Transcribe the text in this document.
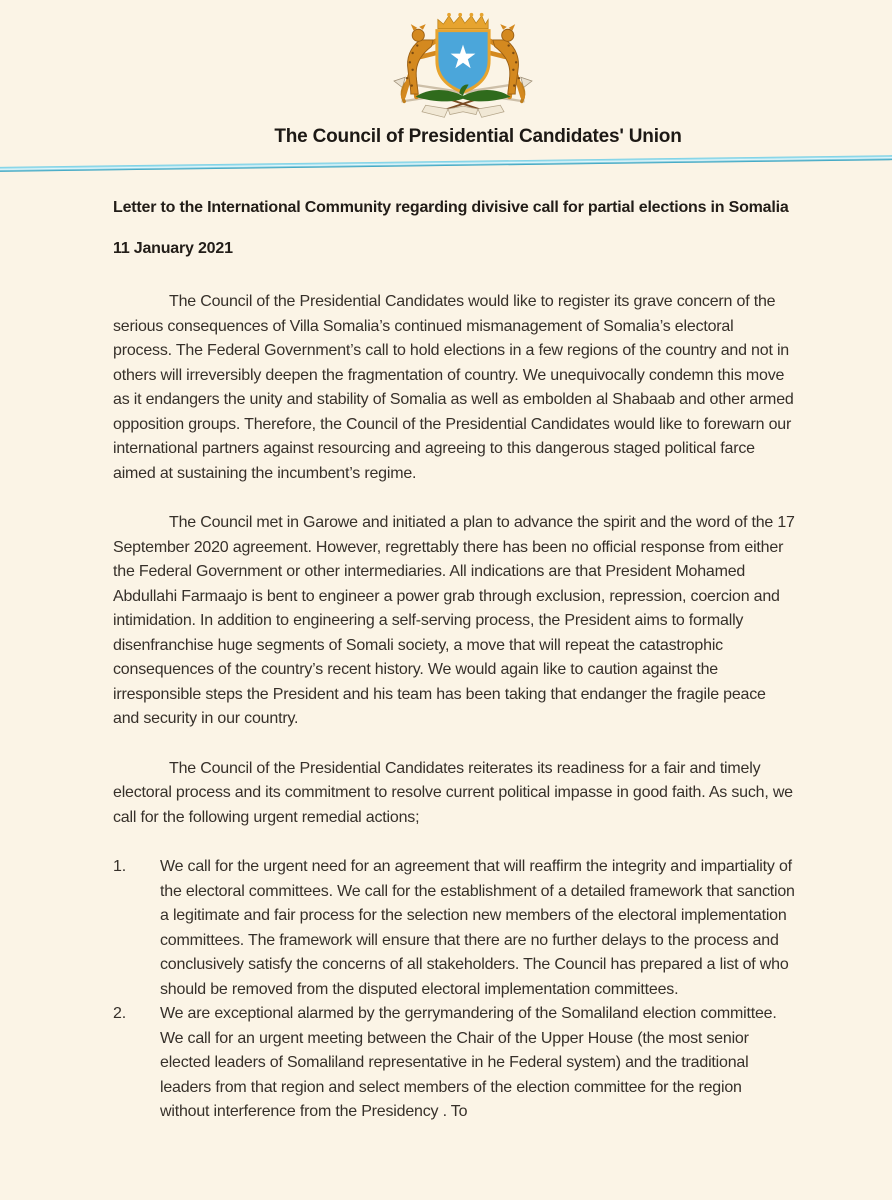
The Council of Presidential Candidates' Union

Letter to the International Community regarding divisive call for partial elections in Somalia

11 January 2021

The Council of the Presidential Candidates would like to register its grave concern of the serious consequences of Villa Somalia’s continued mismanagement of Somalia’s electoral process. The Federal Government’s call to hold elections in a few regions of the country and not in others will irreversibly deepen the fragmentation of country. We unequivocally condemn this move as it endangers the unity and stability of Somalia as well as embolden al Shabaab and other armed opposition groups. Therefore, the Council of the Presidential Candidates would like to forewarn our international partners against resourcing and agreeing to this dangerous staged political farce aimed at sustaining the incumbent’s regime.

The Council met in Garowe and initiated a plan to advance the spirit and the word of the 17 September 2020 agreement. However, regrettably there has been no official response from either the Federal Government or other intermediaries. All indications are that President Mohamed Abdullahi Farmaajo is bent to engineer a power grab through exclusion, repression, coercion and intimidation. In addition to engineering a self-serving process, the President aims to formally disenfranchise huge segments of Somali society, a move that will repeat the catastrophic consequences of the country’s recent history. We would again like to caution against the irresponsible steps the President and his team has been taking that endanger the fragile peace and security in our country.

The Council of the Presidential Candidates reiterates its readiness for a fair and timely electoral process and its commitment to resolve current political impasse in good faith. As such, we call for the following urgent remedial actions;

1. We call for the urgent need for an agreement that will reaffirm the integrity and impartiality of the electoral committees. We call for the establishment of a detailed framework that sanction a legitimate and fair process for the selection new members of the electoral implementation committees. The framework will ensure that there are no further delays to the process and conclusively satisfy the concerns of all stakeholders. The Council has prepared a list of who should be removed from the disputed electoral implementation committees.
2. We are exceptional alarmed by the gerrymandering of the Somaliland election committee. We call for an urgent meeting between the Chair of the Upper House (the most senior elected leaders of Somaliland representative in he Federal system) and the traditional leaders from that region and select members of the election committee for the region without interference from the Presidency . To
